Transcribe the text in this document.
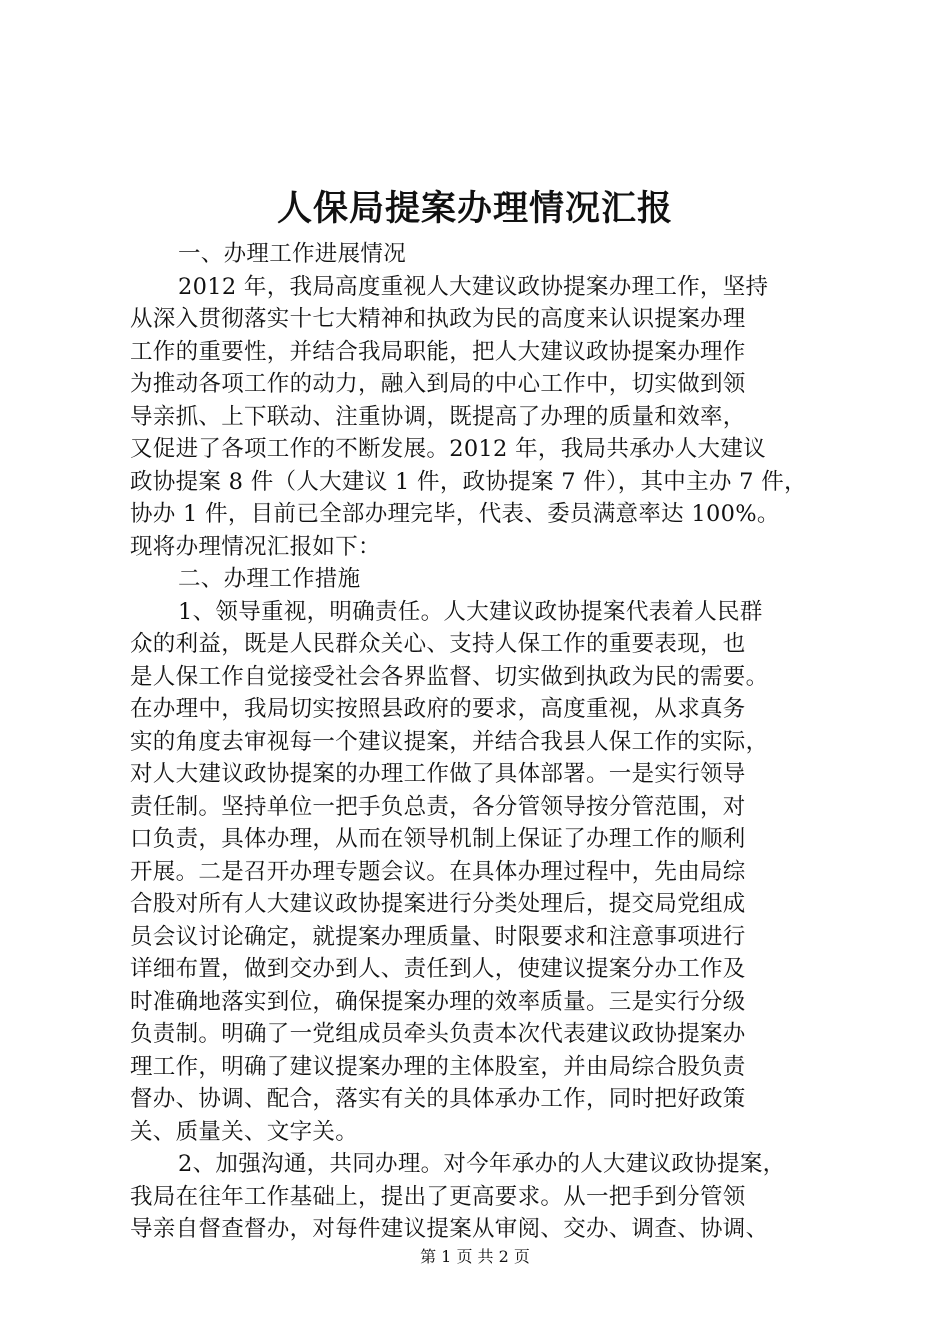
人保局提案办理情况汇报
一、办理工作进展情况
2012 年，我局高度重视人大建议政协提案办理工作，坚持
从深入贯彻落实十七大精神和执政为民的高度来认识提案办理
工作的重要性，并结合我局职能，把人大建议政协提案办理作
为推动各项工作的动力，融入到局的中心工作中，切实做到领
导亲抓、上下联动、注重协调，既提高了办理的质量和效率，
又促进了各项工作的不断发展。2012 年，我局共承办人大建议
政协提案 8 件（人大建议 1 件，政协提案 7 件），其中主办 7 件，
协办 1 件，目前已全部办理完毕，代表、委员满意率达 100%。
现将办理情况汇报如下：
二、办理工作措施
1、领导重视，明确责任。人大建议政协提案代表着人民群
众的利益，既是人民群众关心、支持人保工作的重要表现，也
是人保工作自觉接受社会各界监督、切实做到执政为民的需要。
在办理中，我局切实按照县政府的要求，高度重视，从求真务
实的角度去审视每一个建议提案，并结合我县人保工作的实际，
对人大建议政协提案的办理工作做了具体部署。一是实行领导
责任制。坚持单位一把手负总责，各分管领导按分管范围，对
口负责，具体办理，从而在领导机制上保证了办理工作的顺利
开展。二是召开办理专题会议。在具体办理过程中，先由局综
合股对所有人大建议政协提案进行分类处理后，提交局党组成
员会议讨论确定，就提案办理质量、时限要求和注意事项进行
详细布置，做到交办到人、责任到人，使建议提案分办工作及
时准确地落实到位，确保提案办理的效率质量。三是实行分级
负责制。明确了一党组成员牵头负责本次代表建议政协提案办
理工作，明确了建议提案办理的主体股室，并由局综合股负责
督办、协调、配合，落实有关的具体承办工作，同时把好政策
关、质量关、文字关。
2、加强沟通，共同办理。对今年承办的人大建议政协提案，
我局在往年工作基础上，提出了更高要求。从一把手到分管领
导亲自督查督办，对每件建议提案从审阅、交办、调查、协调、
第 1 页 共 2 页
